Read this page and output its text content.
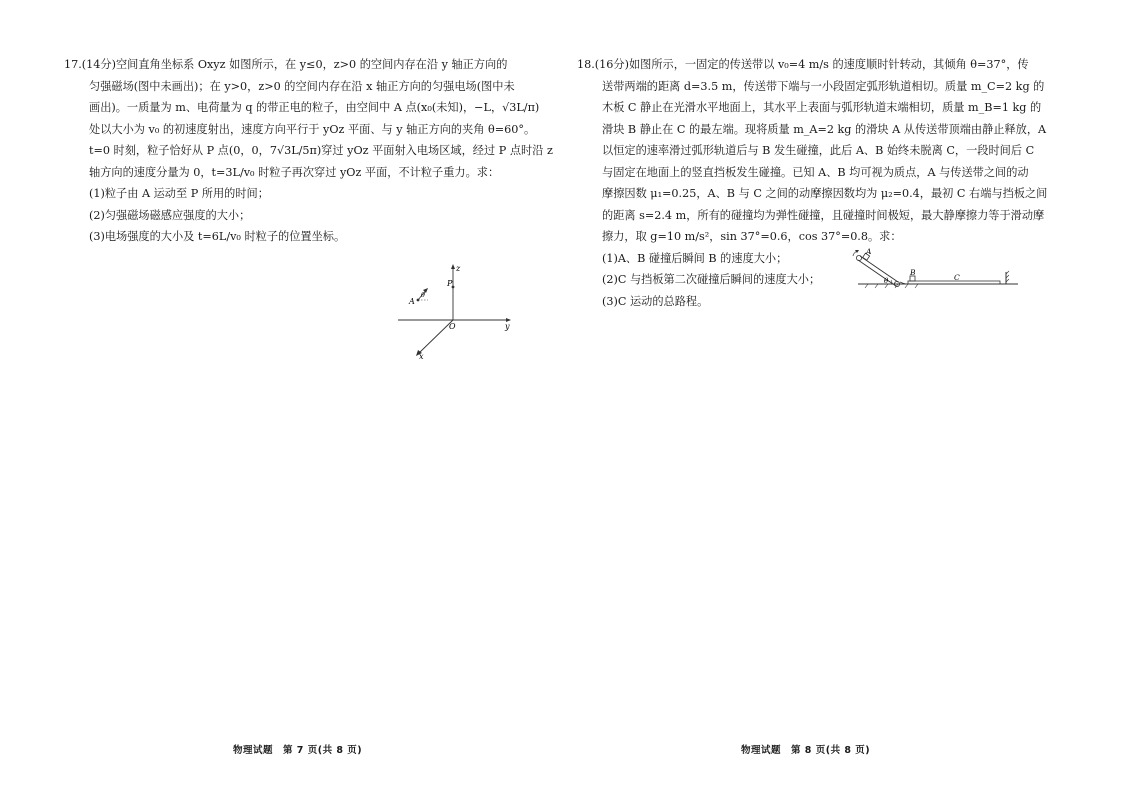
17.(14分)空间直角坐标系 Oxyz 如图所示，在 y≤0，z>0 的空间内存在沿 y 轴正方向的
匀强磁场(图中未画出)；在 y>0，z>0 的空间内存在沿 x 轴正方向的匀强电场(图中未
画出)。一质量为 m、电荷量为 q 的带正电的粒子，由空间中 A 点(x₀(未知)，−L，√3L/π)
处以大小为 v₀ 的初速度射出，速度方向平行于 yOz 平面、与 y 轴正方向的夹角 θ=60°。
t=0 时刻，粒子恰好从 P 点(0，0，7√3L/5π)穿过 yOz 平面射入电场区域，经过 P 点时沿 z
轴方向的速度分量为 0，t=3L/v₀ 时粒子再次穿过 yOz 平面，不计粒子重力。求：
(1)粒子由 A 运动至 P 所用的时间；
(2)匀强磁场磁感应强度的大小；
(3)电场强度的大小及 t=6L/v₀ 时粒子的位置坐标。
z
P
A
θ
O	y
x
物理试题　第 7 页(共 8 页)
18.(16分)如图所示，一固定的传送带以 v₀=4 m/s 的速度顺时针转动，其倾角 θ=37°，传
送带两端的距离 d=3.5 m，传送带下端与一小段固定弧形轨道相切。质量 m_C=2 kg 的
木板 C 静止在光滑水平地面上，其水平上表面与弧形轨道末端相切，质量 m_B=1 kg 的
滑块 B 静止在 C 的最左端。现将质量 m_A=2 kg 的滑块 A 从传送带顶端由静止释放，A
以恒定的速率滑过弧形轨道后与 B 发生碰撞，此后 A、B 始终未脱离 C，一段时间后 C
与固定在地面上的竖直挡板发生碰撞。已知 A、B 均可视为质点，A 与传送带之间的动
摩擦因数 μ₁=0.25，A、B 与 C 之间的动摩擦因数均为 μ₂=0.4，最初 C 右端与挡板之间
的距离 s=2.4 m，所有的碰撞均为弹性碰撞，且碰撞时间极短，最大静摩擦力等于滑动摩
擦力，取 g=10 m/s²，sin 37°=0.6，cos 37°=0.8。求：
(1)A、B 碰撞后瞬间 B 的速度大小；
(2)C 与挡板第二次碰撞后瞬间的速度大小；
(3)C 运动的总路程。
A
B
C
θ
物理试题　第 8 页(共 8 页)
